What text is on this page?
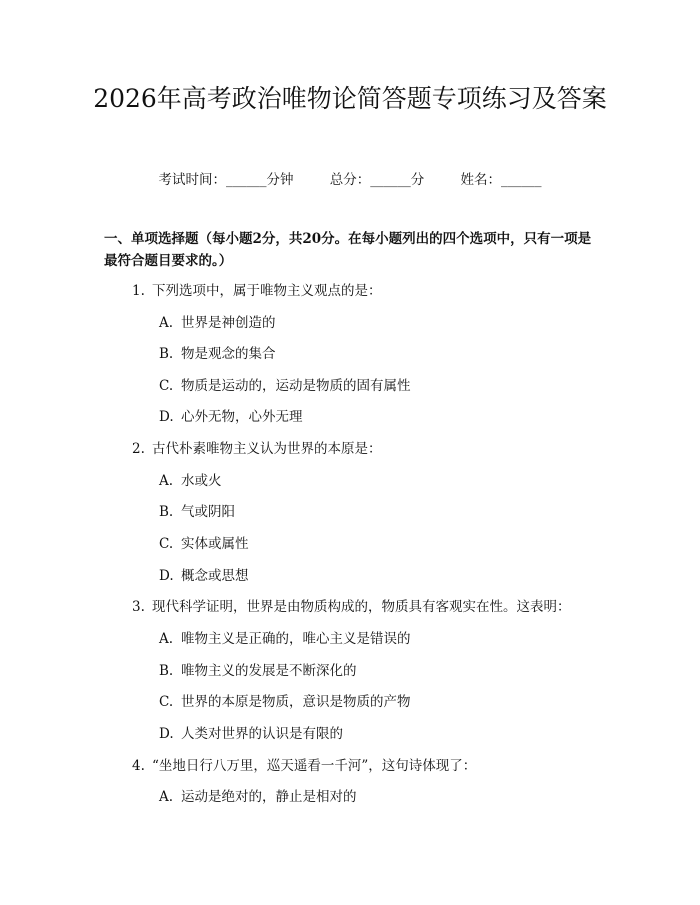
2026年高考政治唯物论简答题专项练习及答案
考试时间：______分钟	总分：______分	姓名：______

一、单项选择题（每小题2分，共20分。在每小题列出的四个选项中，只有一项是最符合题目要求的。）

1. 下列选项中，属于唯物主义观点的是：
A. 世界是神创造的
B. 物是观念的集合
C. 物质是运动的，运动是物质的固有属性
D. 心外无物，心外无理
2. 古代朴素唯物主义认为世界的本原是：
A. 水或火
B. 气或阴阳
C. 实体或属性
D. 概念或思想
3. 现代科学证明，世界是由物质构成的，物质具有客观实在性。这表明：
A. 唯物主义是正确的，唯心主义是错误的
B. 唯物主义的发展是不断深化的
C. 世界的本原是物质，意识是物质的产物
D. 人类对世界的认识是有限的
4. “坐地日行八万里，巡天遥看一千河”，这句诗体现了：
A. 运动是绝对的，静止是相对的
